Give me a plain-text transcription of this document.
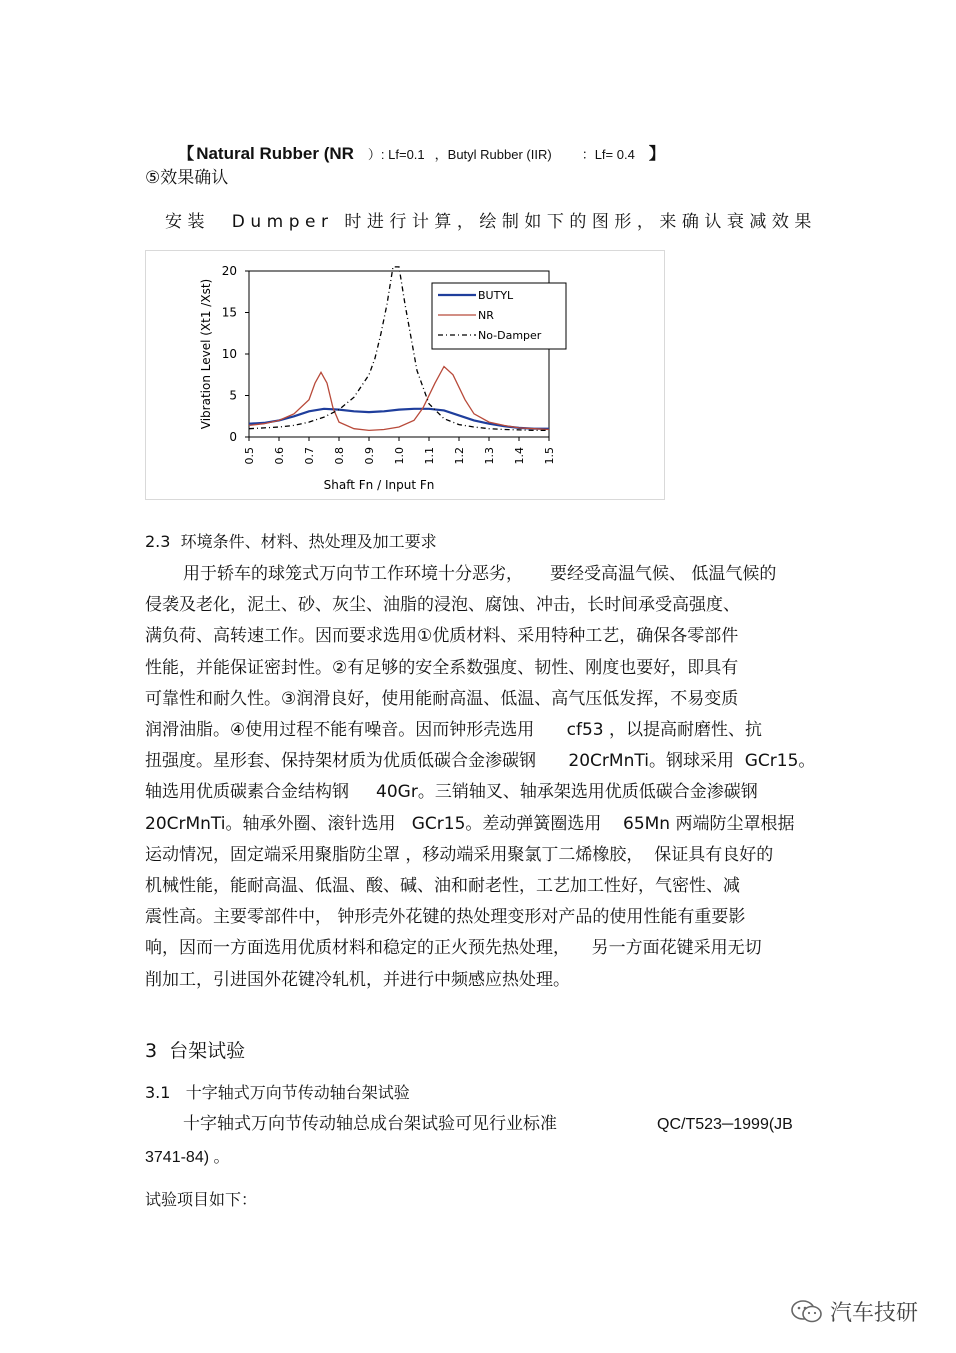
【 Natural Rubber (NR ）: Lf=0.1 ，Butyl Rubber (IIR) ：Lf= 0.4 】

⑤效果确认
安装  Dumper 时进行计算，绘制如下的图形，来确认衰减效果
0
5
10
15
20
0.5 0.6 0.7 0.8 0.9 1.0 1.1 1.2 1.3 1.4 1.5
Shaft Fn / Input Fn
Vibration Level (Xt1 /Xst)	BUTYL
NR
No-Damper
2.3  环境条件、材料、热处理及加工要求
用于轿车的球笼式万向节工作环境十分恶劣，     要经受高温气候、 低温气候的
侵袭及老化，泥土、砂、灰尘、油脂的浸泡、腐蚀、冲击，长时间承受高强度、
满负荷、高转速工作。因而要求选用①优质材料、采用特种工艺，确保各零部件
性能，并能保证密封性。②有足够的安全系数强度、韧性、刚度也要好，即具有
可靠性和耐久性。③润滑良好，使用能耐高温、低温、高气压低发挥，不易变质
润滑油脂。④使用过程不能有噪音。因而钟形壳选用      cf53 ，以提高耐磨性、抗
扭强度。星形套、保持架材质为优质低碳合金渗碳钢      20CrMnTi。钢球采用  GCr15。
轴选用优质碳素合金结构钢     40Gr。三销轴叉、轴承架选用优质低碳合金渗碳钢
20CrMnTi。轴承外圈、滚针选用   GCr15。差动弹簧圈选用    65Mn 两端防尘罩根据
运动情况，固定端采用聚脂防尘罩 ，移动端采用聚氯丁二烯橡胶，  保证具有良好的
机械性能，能耐高温、低温、酸、碱、油和耐老性，工艺加工性好，气密性、减
震性高。主要零部件中， 钟形壳外花键的热处理变形对产品的使用性能有重要影
响，因而一方面选用优质材料和稳定的正火预先热处理，    另一方面花键采用无切
削加工，引进国外花键冷轧机，并进行中频感应热处理。
3  台架试验
3.1   十字轴式万向节传动轴台架试验
十字轴式万向节传动轴总成台架试验可见行业标准	QC/T523─1999(JB
3741-84) 。
试验项目如下：
汽车技研
